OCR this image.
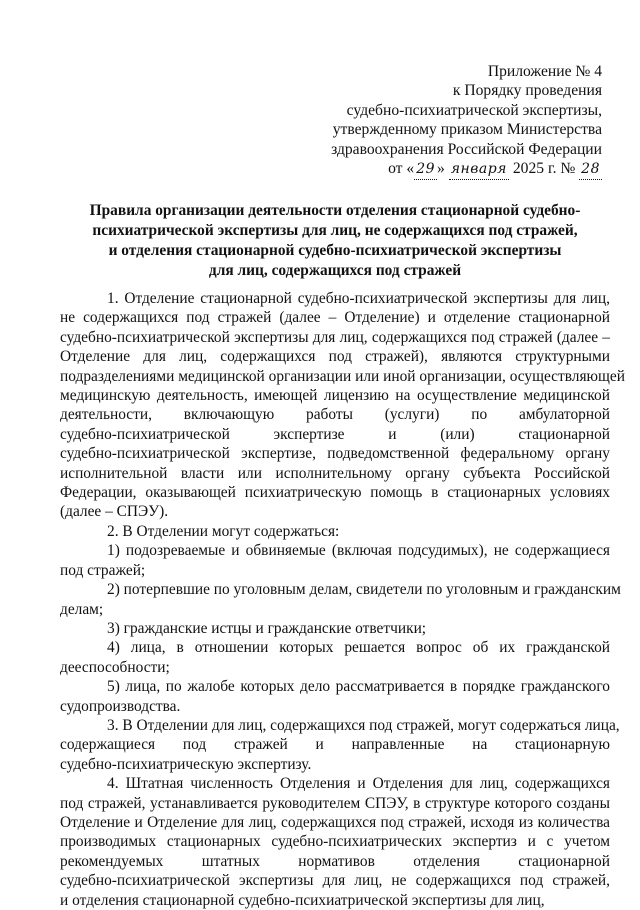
Приложение № 4
к Порядку проведения
судебно-психиатрической экспертизы,
утвержденному приказом Министерства
здравоохранения Российской Федерации
от « 29 » января 2025 г. № 28
Правила организации деятельности отделения стационарной судебно-
психиатрической экспертизы для лиц, не содержащихся под стражей,
и отделения стационарной судебно-психиатрической экспертизы
для лиц, содержащихся под стражей

1. Отделение стационарной судебно-психиатрической экспертизы для лиц,
не содержащихся под стражей (далее – Отделение) и отделение стационарной
судебно-психиатрической экспертизы для лиц, содержащихся под стражей (далее –
Отделение для лиц, содержащихся под стражей), являются структурными
подразделениями медицинской организации или иной организации, осуществляющей
медицинскую деятельность, имеющей лицензию на осуществление медицинской
деятельности, включающую работы (услуги) по амбулаторной
судебно-психиатрической экспертизе и (или) стационарной
судебно-психиатрической экспертизе, подведомственной федеральному органу
исполнительной власти или исполнительному органу субъекта Российской
Федерации, оказывающей психиатрическую помощь в стационарных условиях
(далее – СПЭУ).

2. В Отделении могут содержаться:

1) подозреваемые и обвиняемые (включая подсудимых), не содержащиеся
под стражей;

2) потерпевшие по уголовным делам, свидетели по уголовным и гражданским
делам;

3) гражданские истцы и гражданские ответчики;

4) лица, в отношении которых решается вопрос об их гражданской
дееспособности;

5) лица, по жалобе которых дело рассматривается в порядке гражданского
судопроизводства.

3. В Отделении для лиц, содержащихся под стражей, могут содержаться лица,
содержащиеся под стражей и направленные на стационарную
судебно-психиатрическую экспертизу.

4. Штатная численность Отделения и Отделения для лиц, содержащихся
под стражей, устанавливается руководителем СПЭУ, в структуре которого созданы
Отделение и Отделение для лиц, содержащихся под стражей, исходя из количества
производимых стационарных судебно-психиатрических экспертиз и с учетом
рекомендуемых штатных нормативов отделения стационарной
судебно-психиатрической экспертизы для лиц, не содержащихся под стражей,
и отделения стационарной судебно-психиатрической экспертизы для лиц,
